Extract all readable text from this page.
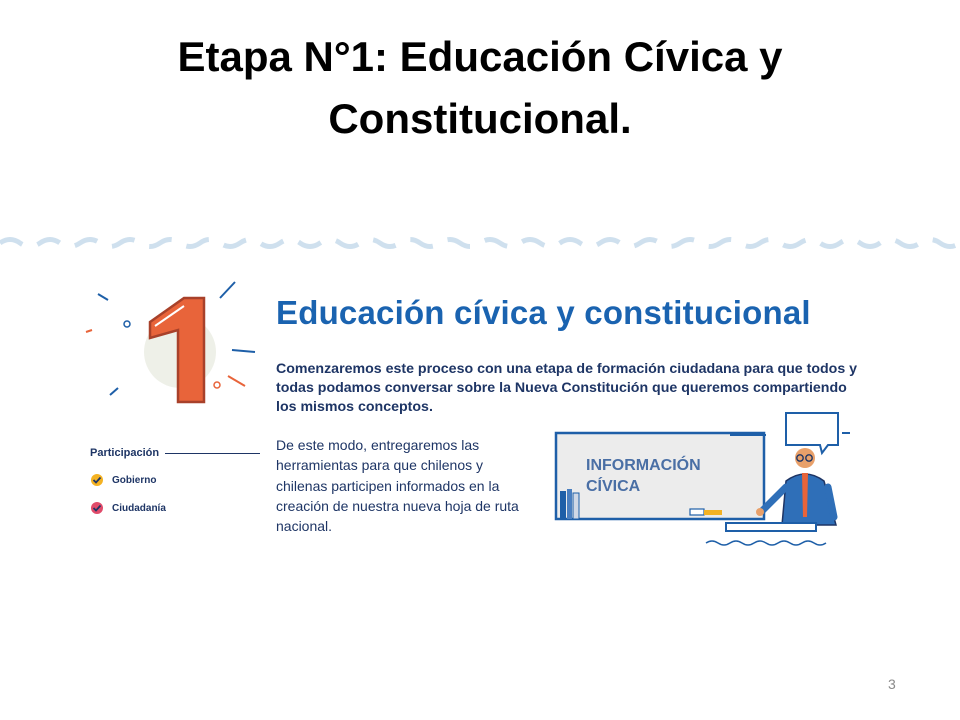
Etapa N°1: Educación Cívica y
Constitucional.
Participación
Gobierno
Ciudadanía
Educación cívica y constitucional
Comenzaremos este proceso con una etapa de formación ciudadana para que todos y todas podamos conversar sobre la Nueva Constitución que queremos compartiendo los mismos conceptos.
De este modo, entregaremos las herramientas para que chilenos y chilenas participen informados en la creación de nuestra nueva hoja de ruta nacional.
INFORMACIÓN
CÍVICA
3
